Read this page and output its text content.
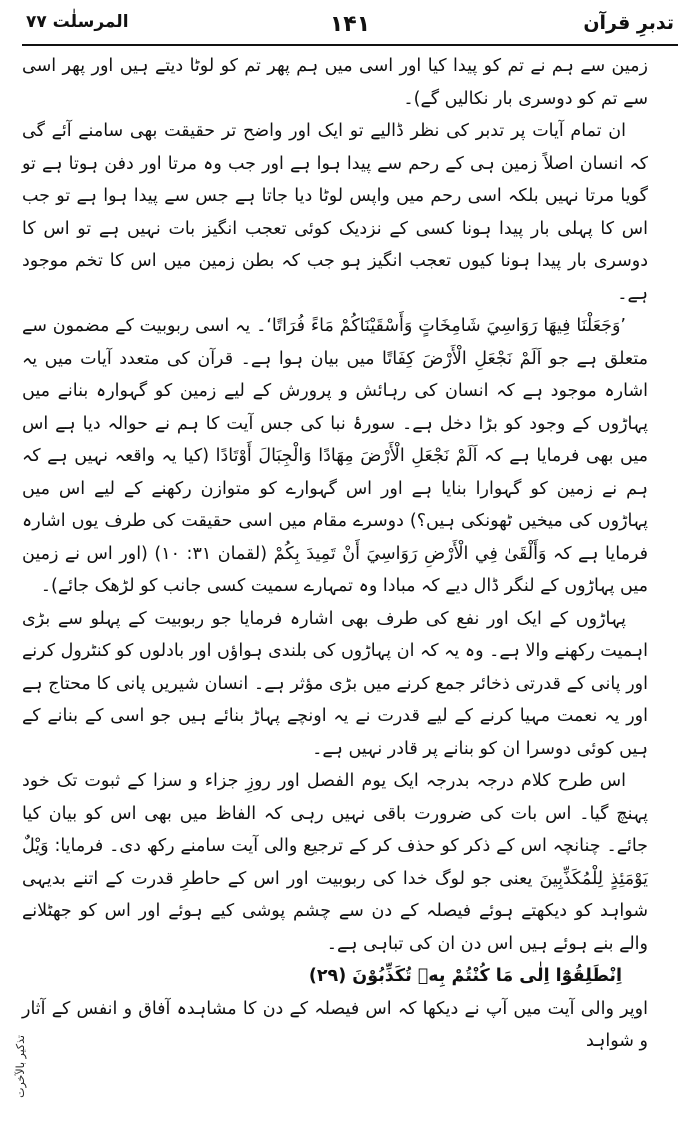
تدبرِ قرآن
۱۴۱
المرسلٰت ۷۷

زمین سے ہم نے تم کو پیدا کیا اور اسی میں ہم پھر تم کو لوٹا دیتے ہیں اور پھر اسی سے تم کو دوسری بار نکالیں گے)۔

ان تمام آیات پر تدبر کی نظر ڈالیے تو ایک اور واضح تر حقیقت بھی سامنے آئے گی کہ انسان اصلاً زمین ہی کے رحم سے پیدا ہوا ہے اور جب وہ مرتا اور دفن ہوتا ہے تو گویا مرتا نہیں بلکہ اسی رحم میں واپس لوٹا دیا جاتا ہے جس سے پیدا ہوا ہے تو جب اس کا پہلی بار پیدا ہونا کسی کے نزدیک کوئی تعجب انگیز بات نہیں ہے تو اس کا دوسری بار پیدا ہونا کیوں تعجب انگیز ہو جب کہ بطن زمین میں اس کا تخم موجود ہے۔

’وَجَعَلْنَا فِيهَا رَوَاسِيَ شَامِخَاتٍ وَأَسْقَيْنَاكُمْ مَاءً فُرَاتًا‘۔ یہ اسی ربوبیت کے مضمون سے متعلق ہے جو اَلَمْ نَجْعَلِ الْأَرْضَ كِفَاتًا میں بیان ہوا ہے۔ قرآن کی متعدد آیات میں یہ اشارہ موجود ہے کہ انسان کی رہائش و پرورش کے لیے زمین کو گہوارہ بنانے میں پہاڑوں کے وجود کو بڑا دخل ہے۔ سورۂ نبا کی جس آیت کا ہم نے حوالہ دیا ہے اس میں بھی فرمایا ہے کہ اَلَمْ نَجْعَلِ الْأَرْضَ مِهَادًا وَالْجِبَالَ أَوْتَادًا (کیا یہ واقعہ نہیں ہے کہ ہم نے زمین کو گہوارا بنایا ہے اور اس گہوارے کو متوازن رکھنے کے لیے اس میں پہاڑوں کی میخیں ٹھونکی ہیں؟) دوسرے مقام میں اسی حقیقت کی طرف یوں اشارہ فرمایا ہے کہ وَأَلْقَىٰ فِي الْأَرْضِ رَوَاسِيَ أَنْ تَمِيدَ بِكُمْ (لقمان ۳۱: ۱۰) (اور اس نے زمین میں پہاڑوں کے لنگر ڈال دیے کہ مبادا وہ تمہارے سمیت کسی جانب کو لڑھک جائے)۔

پہاڑوں کے ایک اور نفع کی طرف بھی اشارہ فرمایا جو ربوبیت کے پہلو سے بڑی اہمیت رکھنے والا ہے۔ وہ یہ کہ ان پہاڑوں کی بلندی ہواؤں اور بادلوں کو کنٹرول کرنے اور پانی کے قدرتی ذخائر جمع کرنے میں بڑی مؤثر ہے۔ انسان شیریں پانی کا محتاج ہے اور یہ نعمت مہیا کرنے کے لیے قدرت نے یہ اونچے پہاڑ بنائے ہیں جو اسی کے بنانے کے ہیں کوئی دوسرا ان کو بنانے پر قادر نہیں ہے۔

اس طرح کلام درجہ بدرجہ ایک یوم الفصل اور روزِ جزاء و سزا کے ثبوت تک خود پہنچ گیا۔ اس بات کی ضرورت باقی نہیں رہی کہ الفاظ میں بھی اس کو بیان کیا جائے۔ چنانچہ اس کے ذکر کو حذف کر کے ترجیع والی آیت سامنے رکھ دی۔ فرمایا: وَيْلٌ يَوْمَئِذٍ لِلْمُكَذِّبِينَ یعنی جو لوگ خدا کی ربوبیت اور اس کے حاطرِ قدرت کے اتنے بدیہی شواہد کو دیکھتے ہوئے فیصلہ کے دن سے چشم پوشی کیے ہوئے اور اس کو جھٹلانے والے بنے ہوئے ہیں اس دن ان کی تباہی ہے۔

اِنْطَلِقُوْٓا اِلٰى مَا كُنْتُمْ بِهٖ تُكَذِّبُوْنَ (۲۹)

اوپر والی آیت میں آپ نے دیکھا کہ اس فیصلہ کے دن کا مشاہدہ آفاق و انفس کے آثار و شواہد

تذکیر بالآخرت
